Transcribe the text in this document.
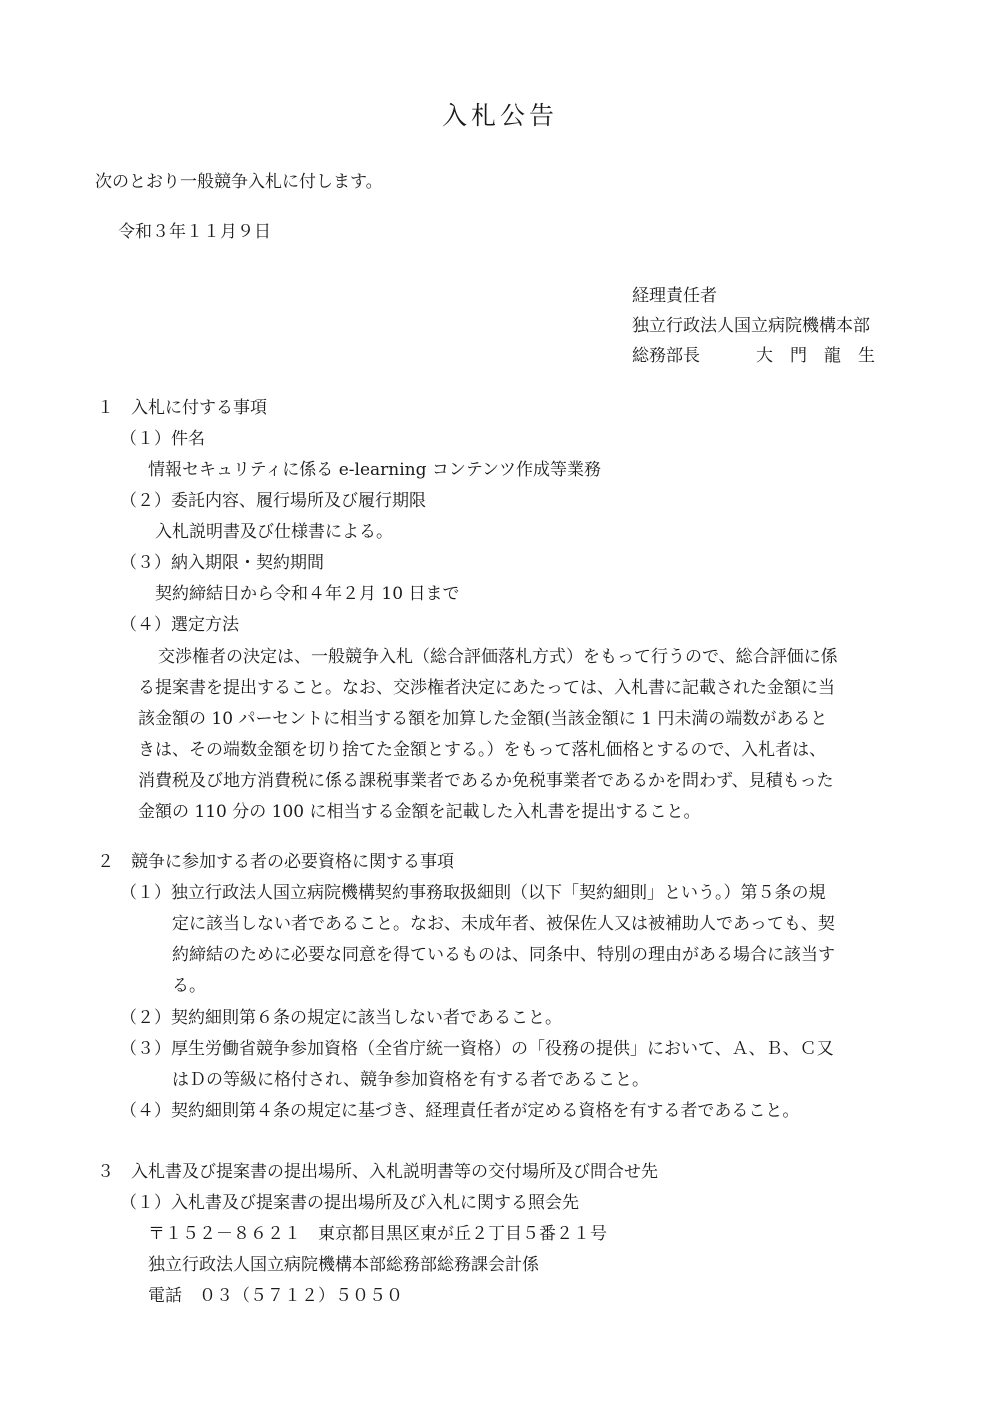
入札公告
次のとおり一般競争入札に付します。
令和３年１１月９日
経理責任者
独立行政法人国立病院機構本部
総務部長	大　門　龍　生
１　入札に付する事項
（１）件名
情報セキュリティに係る e-learning コンテンツ作成等業務
（２）委託内容、履行場所及び履行期限
入札説明書及び仕様書による。
（３）納入期限・契約期間
契約締結日から令和４年２月 10 日まで
（４）選定方法
交渉権者の決定は、一般競争入札（総合評価落札方式）をもって行うので、総合評価に係
る提案書を提出すること。なお、交渉権者決定にあたっては、入札書に記載された金額に当
該金額の 10 パーセントに相当する額を加算した金額(当該金額に 1 円未満の端数があると
きは、その端数金額を切り捨てた金額とする。）をもって落札価格とするので、入札者は、
消費税及び地方消費税に係る課税事業者であるか免税事業者であるかを問わず、見積もった
金額の 110 分の 100 に相当する金額を記載した入札書を提出すること。
２　競争に参加する者の必要資格に関する事項
（１）独立行政法人国立病院機構契約事務取扱細則（以下「契約細則」という。）第５条の規
定に該当しない者であること。なお、未成年者、被保佐人又は被補助人であっても、契
約締結のために必要な同意を得ているものは、同条中、特別の理由がある場合に該当す
る。
（２）契約細則第６条の規定に該当しない者であること。
（３）厚生労働省競争参加資格（全省庁統一資格）の「役務の提供」において、Ａ、Ｂ、Ｃ又
はＤの等級に格付され、競争参加資格を有する者であること。
（４）契約細則第４条の規定に基づき、経理責任者が定める資格を有する者であること。
３　入札書及び提案書の提出場所、入札説明書等の交付場所及び問合せ先
（１）入札書及び提案書の提出場所及び入札に関する照会先
〒１５２－８６２１　東京都目黒区東が丘２丁目５番２１号
独立行政法人国立病院機構本部総務部総務課会計係
電話　０３（５７１２）５０５０
